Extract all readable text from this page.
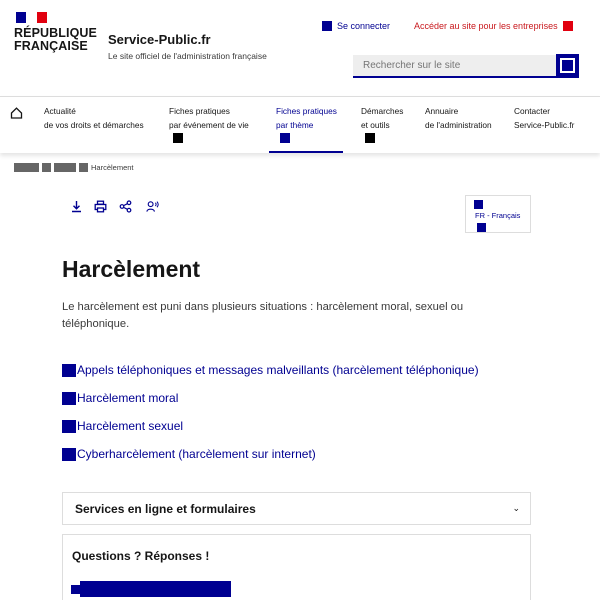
RÉPUBLIQUE
FRANÇAISE	Service-Public.fr
Le site officiel de l'administration française
Se connecter	Accéder au site pour les entreprises
Rechercher sur le site
Actualité
de vos droits et démarches
Fiches pratiques
par événement de vie
Fiches pratiques
par thème
Démarches
et outils
Annuaire
de l'administration
Contacter
Service-Public.fr
Harcèlement
FR - Français
Harcèlement

Le harcèlement est puni dans plusieurs situations : harcèlement moral, sexuel ou téléphonique.

Appels téléphoniques et messages malveillants (harcèlement téléphonique)
Harcèlement moral
Harcèlement sexuel
Cyberharcèlement (harcèlement sur internet)
Services en ligne et formulaires	⌄
Questions ? Réponses !
